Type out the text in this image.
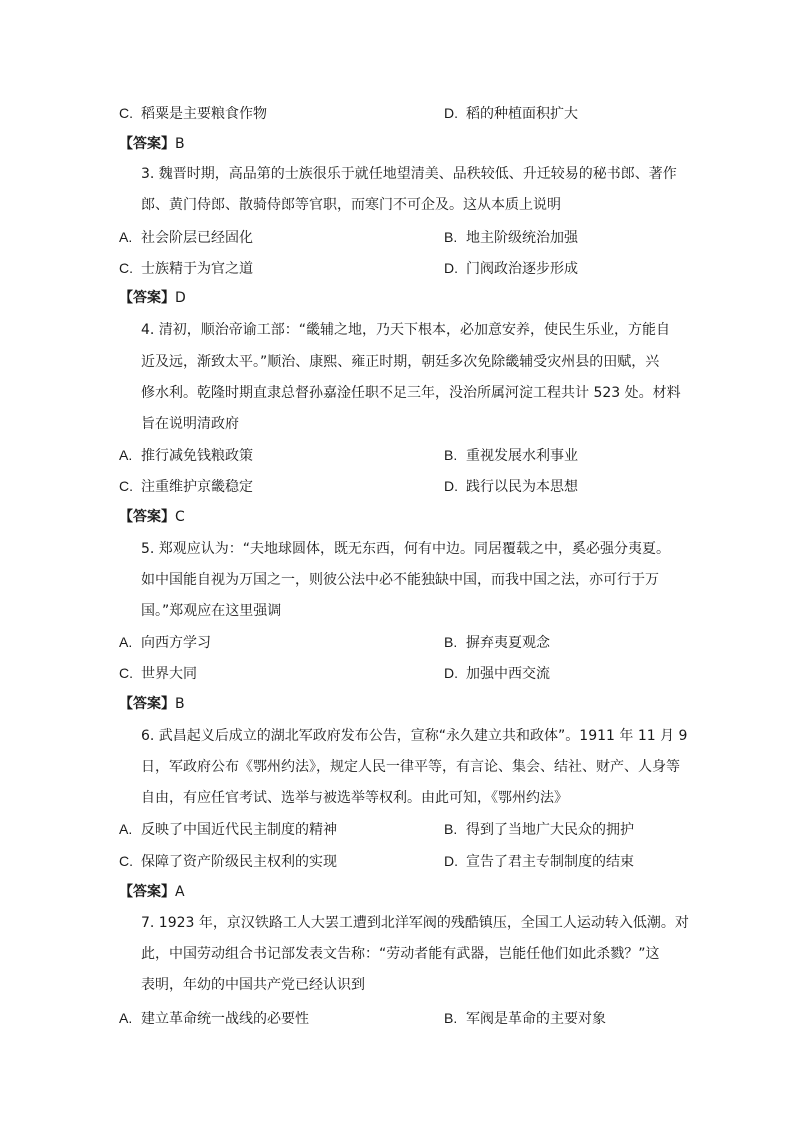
C. 稻粟是主要粮食作物	D. 稻的种植面积扩大
【答案】B
3. 魏晋时期，高品第的士族很乐于就任地望清美、品秩较低、升迁较易的秘书郎、著作
郎、黄门侍郎、散骑侍郎等官职，而寒门不可企及。这从本质上说明
A. 社会阶层已经固化	B. 地主阶级统治加强
C. 士族精于为官之道	D. 门阀政治逐步形成
【答案】D
4. 清初，顺治帝谕工部：“畿辅之地，乃天下根本，必加意安养，使民生乐业，方能自
近及远，渐致太平。”顺治、康熙、雍正时期，朝廷多次免除畿辅受灾州县的田赋，兴
修水利。乾隆时期直隶总督孙嘉淦任职不足三年，没治所属河淀工程共计 523 处。材料
旨在说明清政府
A. 推行减免钱粮政策	B. 重视发展水利事业
C. 注重维护京畿稳定	D. 践行以民为本思想
【答案】C
5. 郑观应认为：“夫地球圆体，既无东西，何有中边。同居覆载之中，奚必强分夷夏。
如中国能自视为万国之一，则彼公法中必不能独缺中国，而我中国之法，亦可行于万
国。”郑观应在这里强调
A. 向西方学习	B. 摒弃夷夏观念
C. 世界大同	D. 加强中西交流
【答案】B
6. 武昌起义后成立的湖北军政府发布公告，宣称“永久建立共和政体”。1911 年 11 月 9
日，军政府公布《鄂州约法》，规定人民一律平等，有言论、集会、结社、财产、人身等
自由，有应任官考试、选举与被选举等权利。由此可知，《鄂州约法》
A. 反映了中国近代民主制度的精神	B. 得到了当地广大民众的拥护
C. 保障了资产阶级民主权利的实现	D. 宣告了君主专制制度的结束
【答案】A
7. 1923 年，京汉铁路工人大罢工遭到北洋军阀的残酷镇压，全国工人运动转入低潮。对
此，中国劳动组合书记部发表文告称：“劳动者能有武器，岂能任他们如此杀戮？”这
表明，年幼的中国共产党已经认识到
A. 建立革命统一战线的必要性	B. 军阀是革命的主要对象
